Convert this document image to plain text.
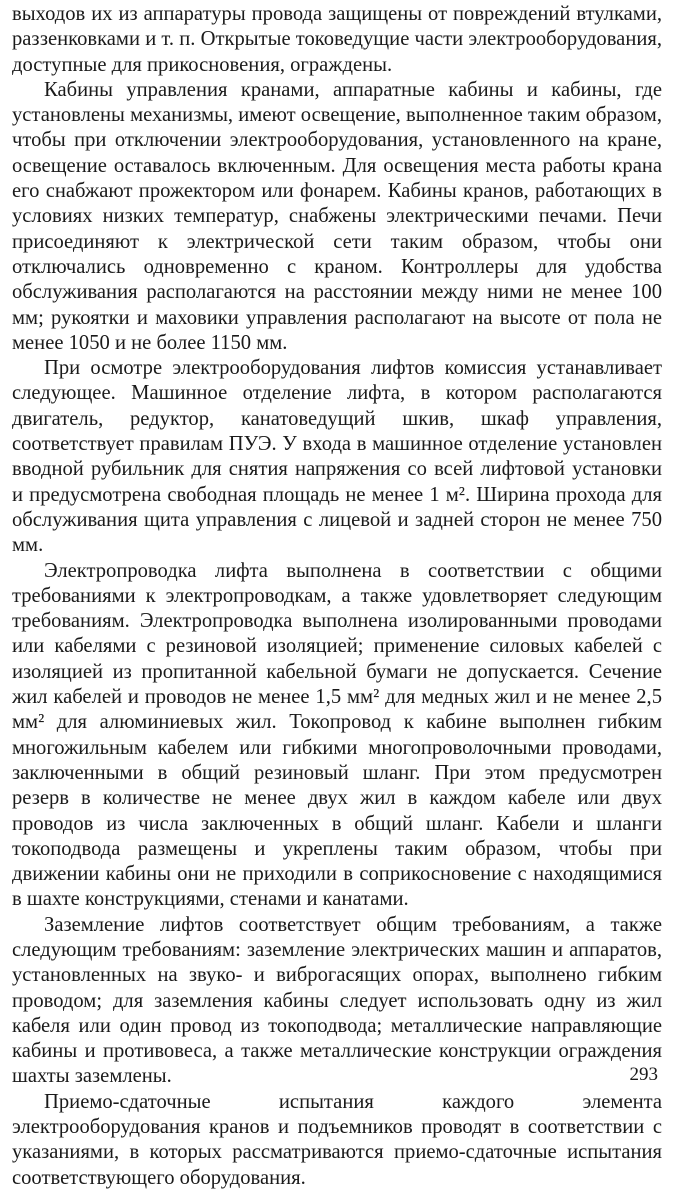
выходов их из аппаратуры провода защищены от повреждений втулками, раззенковками и т. п. Открытые токоведущие части электрооборудования, доступные для прикосновения, ограждены.

Кабины управления кранами, аппаратные кабины и кабины, где установлены механизмы, имеют освещение, выполненное таким образом, чтобы при отключении электрооборудования, установленного на кране, освещение оставалось включенным. Для освещения места работы крана его снабжают прожектором или фонарем. Кабины кранов, работающих в условиях низких температур, снабжены электрическими печами. Печи присоединяют к электрической сети таким образом, чтобы они отключались одновременно с краном. Контроллеры для удобства обслуживания располагаются на расстоянии между ними не менее 100 мм; рукоятки и маховики управления располагают на высоте от пола не менее 1050 и не более 1150 мм.

При осмотре электрооборудования лифтов комиссия устанавливает следующее. Машинное отделение лифта, в котором располагаются двигатель, редуктор, канатоведущий шкив, шкаф управления, соответствует правилам ПУЭ. У входа в машинное отделение установлен вводной рубильник для снятия напряжения со всей лифтовой установки и предусмотрена свободная площадь не менее 1 м². Ширина прохода для обслуживания щита управления с лицевой и задней сторон не менее 750 мм.

Электропроводка лифта выполнена в соответствии с общими требованиями к электропроводкам, а также удовлетворяет следующим требованиям. Электропроводка выполнена изолированными проводами или кабелями с резиновой изоляцией; применение силовых кабелей с изоляцией из пропитанной кабельной бумаги не допускается. Сечение жил кабелей и проводов не менее 1,5 мм² для медных жил и не менее 2,5 мм² для алюминиевых жил. Токопровод к кабине выполнен гибким многожильным кабелем или гибкими многопроволочными проводами, заключенными в общий резиновый шланг. При этом предусмотрен резерв в количестве не менее двух жил в каждом кабеле или двух проводов из числа заключенных в общий шланг. Кабели и шланги токоподвода размещены и укреплены таким образом, чтобы при движении кабины они не приходили в соприкосновение с находящимися в шахте конструкциями, стенами и канатами.

Заземление лифтов соответствует общим требованиям, а также следующим требованиям: заземление электрических машин и аппаратов, установленных на звуко- и виброгасящих опорах, выполнено гибким проводом; для заземления кабины следует использовать одну из жил кабеля или один провод из токоподвода; металлические направляющие кабины и противовеса, а также металлические конструкции ограждения шахты заземлены.

Приемо-сдаточные испытания каждого элемента электрооборудования кранов и подъемников проводят в соответствии с указаниями, в которых рассматриваются приемо-сдаточные испытания соответствующего оборудования.

293
